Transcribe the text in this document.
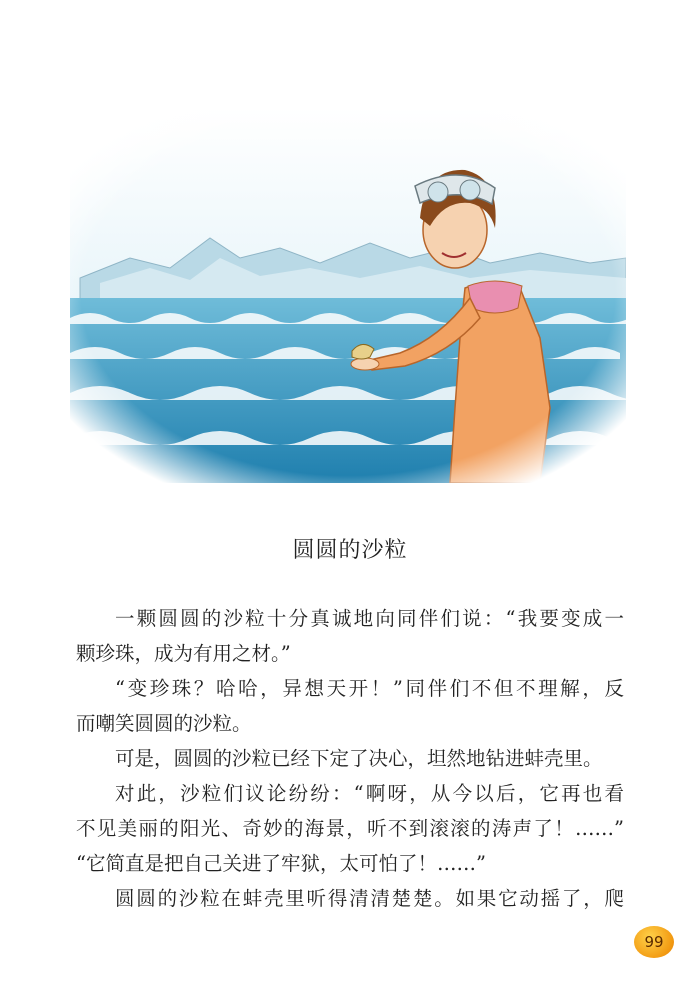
圆圆的沙粒

一颗圆圆的沙粒十分真诚地向同伴们说：“我要变成一

颗珍珠，成为有用之材。”

“变珍珠？哈哈，异想天开！”同伴们不但不理解，反

而嘲笑圆圆的沙粒。

可是，圆圆的沙粒已经下定了决心，坦然地钻进蚌壳里。

对此，沙粒们议论纷纷：“啊呀，从今以后，它再也看

不见美丽的阳光、奇妙的海景，听不到滚滚的涛声了！……”

“它简直是把自己关进了牢狱，太可怕了！……”

圆圆的沙粒在蚌壳里听得清清楚楚。如果它动摇了，爬

99
